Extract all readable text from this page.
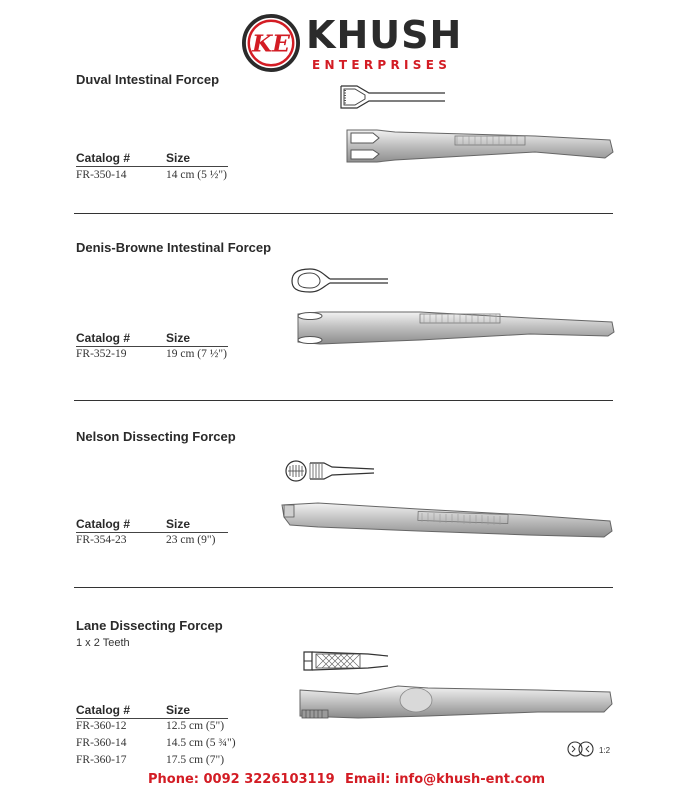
KE KHUSH
ENTERPRISES
Duval Intestinal Forcep
Catalog #	Size
FR-350-14	14 cm (5 ½")
Denis-Browne Intestinal Forcep
Catalog #	Size
FR-352-19	19 cm (7 ½")
Nelson Dissecting Forcep
Catalog #	Size
FR-354-23	23 cm (9")
Lane Dissecting Forcep
1 x 2 Teeth
Catalog #	Size
FR-360-12	12.5 cm (5")
FR-360-14	14.5 cm (5 ¾")
FR-360-17	17.5 cm (7")
1:2
Phone: 0092 3226103119 Email: info@khush-ent.com
